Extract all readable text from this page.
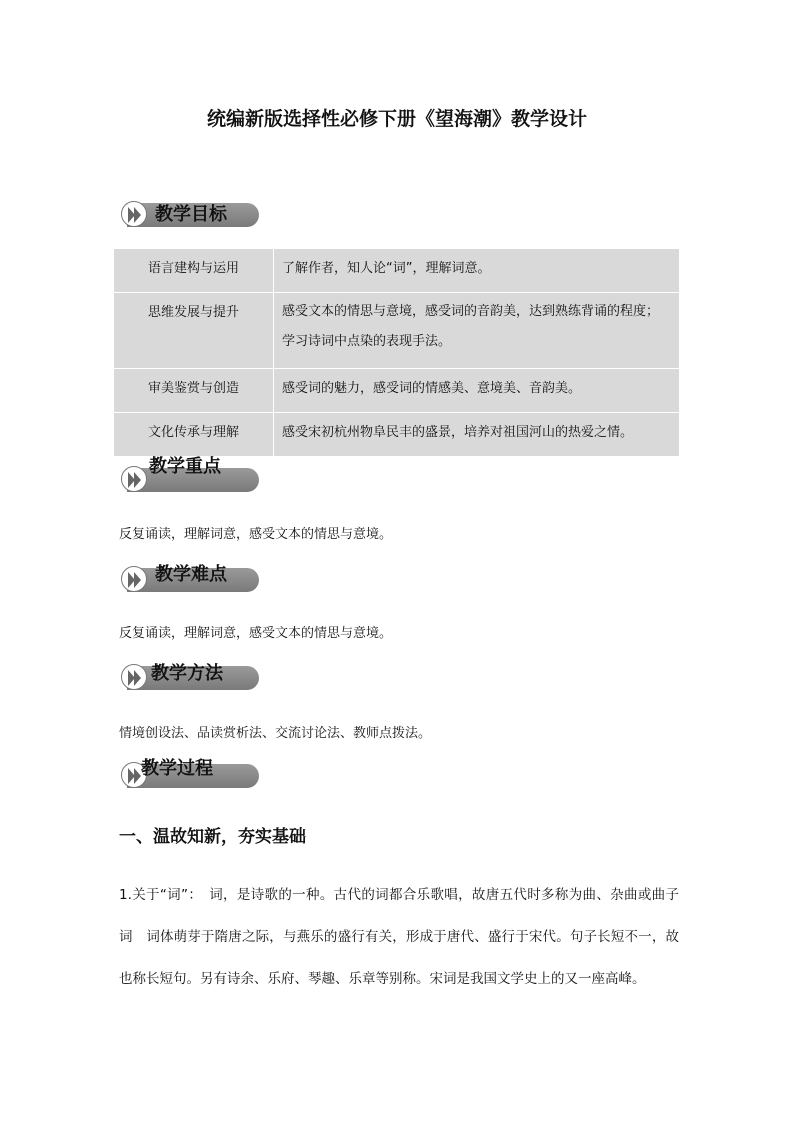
统编新版选择性必修下册《望海潮》教学设计
教学目标
语言建构与运用	了解作者，知人论“词”，理解词意。
思维发展与提升	感受文本的情思与意境，感受词的音韵美，达到熟练背诵的程度；学习诗词中点染的表现手法。
审美鉴赏与创造	感受词的魅力，感受词的情感美、意境美、音韵美。
文化传承与理解	感受宋初杭州物阜民丰的盛景，培养对祖国河山的热爱之情。
教学重点
反复诵读，理解词意，感受文本的情思与意境。
教学难点
反复诵读，理解词意，感受文本的情思与意境。
教学方法
情境创设法、品读赏析法、交流讨论法、教师点拨法。
教学过程
一、温故知新，夯实基础
1.关于“词”：　词，是诗歌的一种。古代的词都合乐歌唱，故唐五代时多称为曲、杂曲或曲子词　词体萌芽于隋唐之际，与燕乐的盛行有关，形成于唐代、盛行于宋代。句子长短不一，故也称长短句。另有诗余、乐府、琴趣、乐章等别称。宋词是我国文学史上的又一座高峰。
